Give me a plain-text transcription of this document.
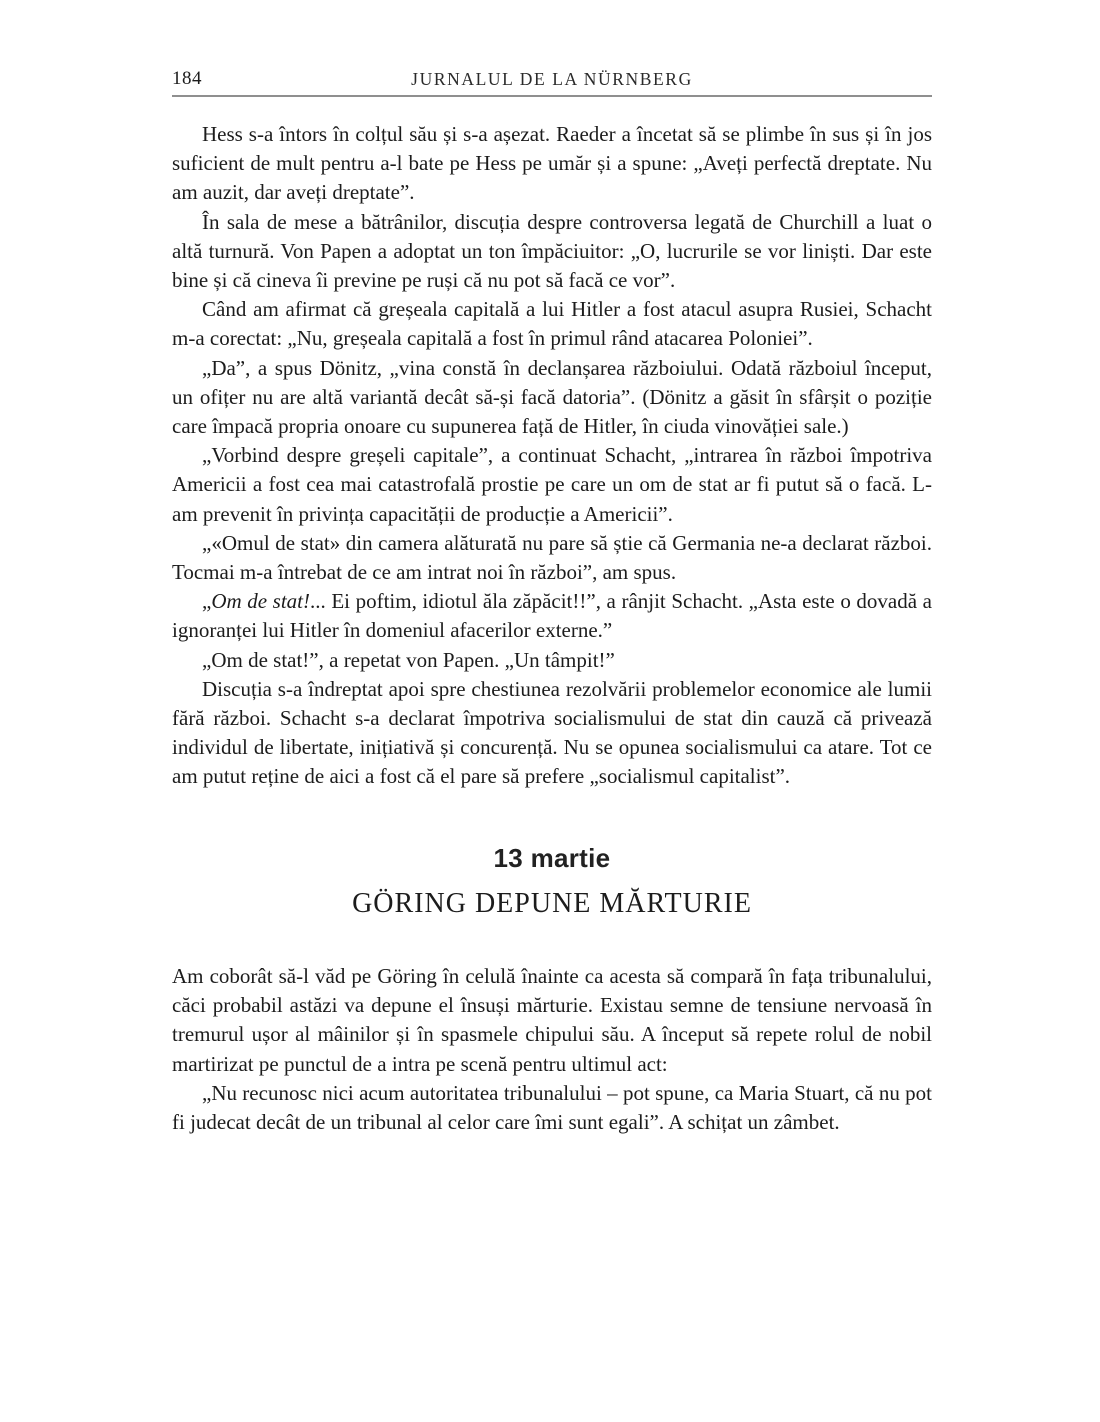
184	JURNALUL DE LA NÜRNBERG

Hess s-a întors în colțul său și s-a așezat. Raeder a încetat să se plimbe în sus și în jos suficient de mult pentru a-l bate pe Hess pe umăr și a spune: „Aveți perfectă dreptate. Nu am auzit, dar aveți dreptate”.

În sala de mese a bătrânilor, discuția despre controversa legată de Churchill a luat o altă turnură. Von Papen a adoptat un ton împăciuitor: „O, lucrurile se vor liniști. Dar este bine și că cineva îi previne pe ruși că nu pot să facă ce vor”.

Când am afirmat că greșeala capitală a lui Hitler a fost atacul asupra Rusiei, Schacht m-a corectat: „Nu, greșeala capitală a fost în primul rând atacarea Poloniei”.

„Da”, a spus Dönitz, „vina constă în declanșarea războiului. Odată războiul început, un ofițer nu are altă variantă decât să-și facă datoria”. (Dönitz a găsit în sfârșit o poziție care împacă propria onoare cu supunerea față de Hitler, în ciuda vinovăției sale.)

„Vorbind despre greșeli capitale”, a continuat Schacht, „intrarea în război împotriva Americii a fost cea mai catastrofală prostie pe care un om de stat ar fi putut să o facă. L-am prevenit în privința capacității de producție a Americii”.

„«Omul de stat» din camera alăturată nu pare să știe că Germania ne-a declarat război. Tocmai m-a întrebat de ce am intrat noi în război”, am spus.

„Om de stat!... Ei poftim, idiotul ăla zăpăcit!!”, a rânjit Schacht. „Asta este o dovadă a ignoranței lui Hitler în domeniul afacerilor externe.”

„Om de stat!”, a repetat von Papen. „Un tâmpit!”

Discuția s-a îndreptat apoi spre chestiunea rezolvării problemelor economice ale lumii fără război. Schacht s-a declarat împotriva socialismului de stat din cauză că privează individul de libertate, inițiativă și concurență. Nu se opunea socialismului ca atare. Tot ce am putut reține de aici a fost că el pare să prefere „socialismul capitalist”.

13 martie
GÖRING DEPUNE MĂRTURIE

Am coborât să-l văd pe Göring în celulă înainte ca acesta să compară în fața tribunalului, căci probabil astăzi va depune el însuși mărturie. Existau semne de tensiune nervoasă în tremurul ușor al mâinilor și în spasmele chipului său. A început să repete rolul de nobil martirizat pe punctul de a intra pe scenă pentru ultimul act:

„Nu recunosc nici acum autoritatea tribunalului – pot spune, ca Maria Stuart, că nu pot fi judecat decât de un tribunal al celor care îmi sunt egali”. A schițat un zâmbet.
